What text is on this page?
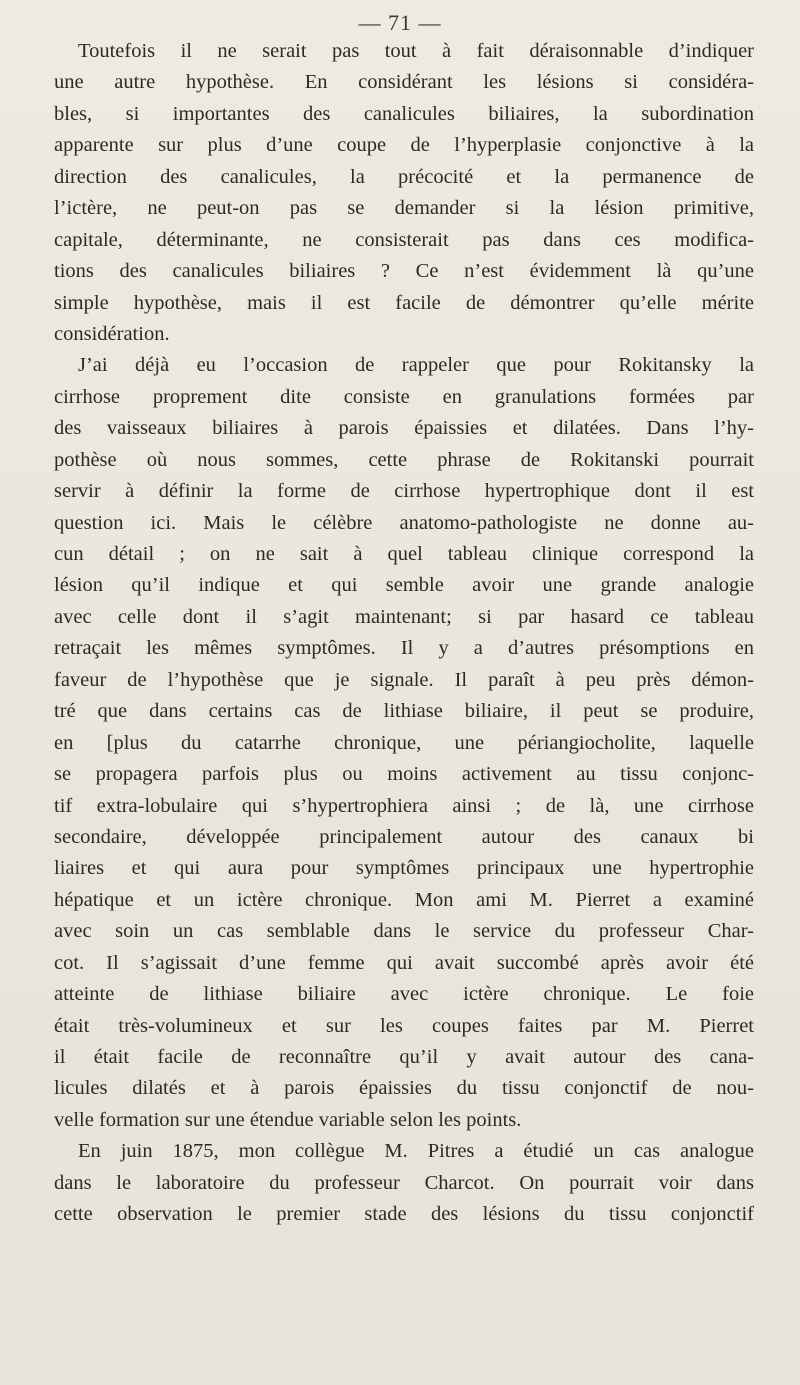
— 71 —
Toutefois il ne serait pas tout à fait déraisonnable d’indiquer
une autre hypothèse. En considérant les lésions si considéra-
bles, si importantes des canalicules biliaires, la subordination
apparente sur plus d’une coupe de l’hyperplasie conjonctive à la
direction des canalicules, la précocité et la permanence de
l’ictère, ne peut-on pas se demander si la lésion primitive,
capitale, déterminante, ne consisterait pas dans ces modifica-
tions des canalicules biliaires ? Ce n’est évidemment là qu’une
simple hypothèse, mais il est facile de démontrer qu’elle mérite
considération.
J’ai déjà eu l’occasion de rappeler que pour Rokitansky la
cirrhose proprement dite consiste en granulations formées par
des vaisseaux biliaires à parois épaissies et dilatées. Dans l’hy-
pothèse où nous sommes, cette phrase de Rokitanski pourrait
servir à définir la forme de cirrhose hypertrophique dont il est
question ici. Mais le célèbre anatomo-pathologiste ne donne au-
cun détail ; on ne sait à quel tableau clinique correspond la
lésion qu’il indique et qui semble avoir une grande analogie
avec celle dont il s’agit maintenant; si par hasard ce tableau
retraçait les mêmes symptômes. Il y a d’autres présomptions en
faveur de l’hypothèse que je signale. Il paraît à peu près démon-
tré que dans certains cas de lithiase biliaire, il peut se produire,
en [plus du catarrhe chronique, une périangiocholite, laquelle
se propagera parfois plus ou moins activement au tissu conjonc-
tif extra-lobulaire qui s’hypertrophiera ainsi ; de là, une cirrhose
secondaire, développée principalement autour des canaux bi
liaires et qui aura pour symptômes principaux une hypertrophie
hépatique et un ictère chronique. Mon ami M. Pierret a examiné
avec soin un cas semblable dans le service du professeur Char-
cot. Il s’agissait d’une femme qui avait succombé après avoir été
atteinte de lithiase biliaire avec ictère chronique. Le foie
était très-volumineux et sur les coupes faites par M. Pierret
il était facile de reconnaître qu’il y avait autour des cana-
licules dilatés et à parois épaissies du tissu conjonctif de nou-
velle formation sur une étendue variable selon les points.
En juin 1875, mon collègue M. Pitres a étudié un cas analogue
dans le laboratoire du professeur Charcot. On pourrait voir dans
cette observation le premier stade des lésions du tissu conjonctif
